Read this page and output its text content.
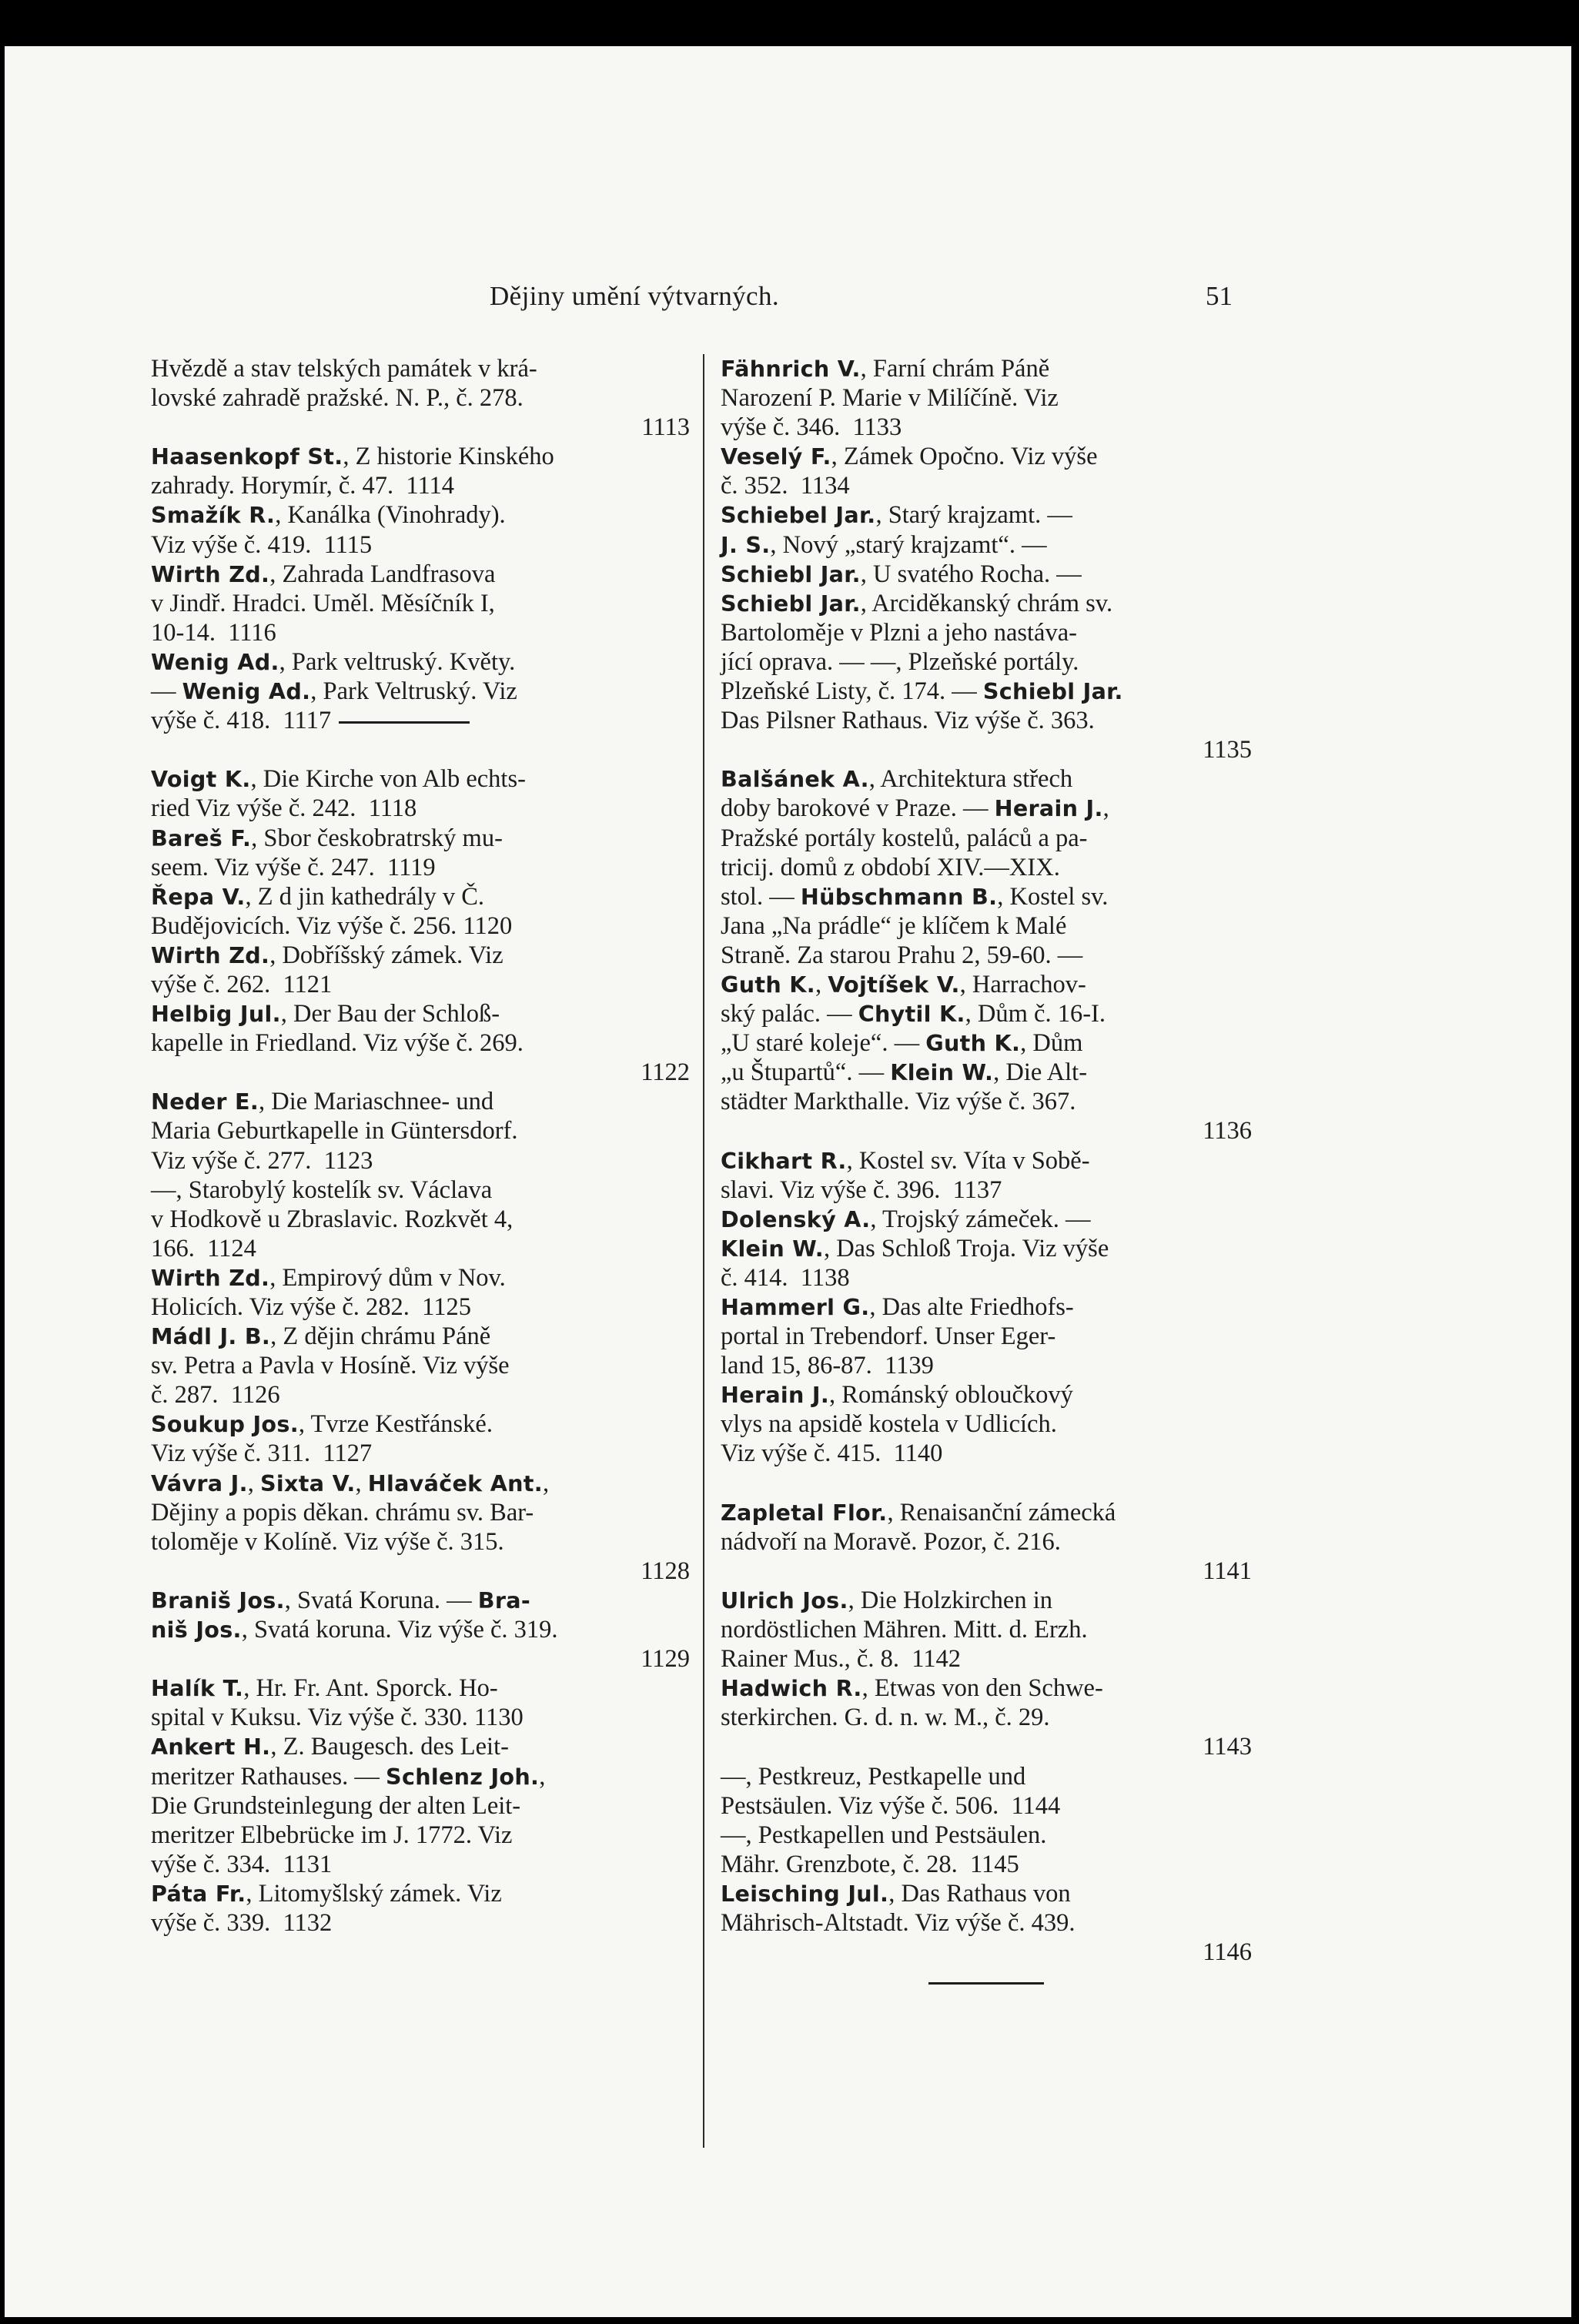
Dějiny umění výtvarných.	51
Hvězdě a stav telských památek v krá-
lovské zahradě pražské. N. P., č. 278.
1113
Haasenkopf St., Z historie Kinského
zahrady. Horymír, č. 47.  1114
Smažík R., Kanálka (Vinohrady).
Viz výše č. 419.  1115
Wirth Zd., Zahrada Landfrasova
v Jindř. Hradci. Uměl. Měsíčník I,
10-14.  1116
Wenig Ad., Park veltruský. Květy.
— Wenig Ad., Park Veltruský. Viz
výše č. 418.  1117
Voigt K., Die Kirche von Alb echts-
ried Viz výše č. 242.  1118
Bareš F., Sbor českobratrský mu-
seem. Viz výše č. 247.  1119
Řepa V., Z d jin kathedrály v Č.
Budějovicích. Viz výše č. 256. 1120
Wirth Zd., Dobříšský zámek. Viz
výše č. 262.  1121
Helbig Jul., Der Bau der Schloß-
kapelle in Friedland. Viz výše č. 269.
1122
Neder E., Die Mariaschnee- und
Maria Geburtkapelle in Güntersdorf.
Viz výše č. 277.  1123
—, Starobylý kostelík sv. Václava
v Hodkově u Zbraslavic. Rozkvět 4,
166.  1124
Wirth Zd., Empirový dům v Nov.
Holicích. Viz výše č. 282.  1125
Mádl J. B., Z dějin chrámu Páně
sv. Petra a Pavla v Hosíně. Viz výše
č. 287.  1126
Soukup Jos., Tvrze Kestřánské.
Viz výše č. 311.  1127
Vávra J., Sixta V., Hlaváček Ant.,
Dějiny a popis děkan. chrámu sv. Bar-
toloměje v Kolíně. Viz výše č. 315.
1128
Braniš Jos., Svatá Koruna. — Bra-
niš Jos., Svatá koruna. Viz výše č. 319.
1129
Halík T., Hr. Fr. Ant. Sporck. Ho-
spital v Kuksu. Viz výše č. 330. 1130
Ankert H., Z. Baugesch. des Leit-
meritzer Rathauses. — Schlenz Joh.,
Die Grundsteinlegung der alten Leit-
meritzer Elbebrücke im J. 1772. Viz
výše č. 334.  1131
Páta Fr., Litomyšlský zámek. Viz
výše č. 339.  1132
Fähnrich V., Farní chrám Páně
Narození P. Marie v Milíčíně. Viz
výše č. 346.  1133
Veselý F., Zámek Opočno. Viz výše
č. 352.  1134
Schiebel Jar., Starý krajzamt. —
J. S., Nový „starý krajzamt“. —
Schiebl Jar., U svatého Rocha. —
Schiebl Jar., Arciděkanský chrám sv.
Bartoloměje v Plzni a jeho nastáva-
jící oprava. — —, Plzeňské portály.
Plzeňské Listy, č. 174. — Schiebl Jar.
Das Pilsner Rathaus. Viz výše č. 363.
1135
Balšánek A., Architektura střech
doby barokové v Praze. — Herain J.,
Pražské portály kostelů, paláců a pa-
tricij. domů z období XIV.—XIX.
stol. — Hübschmann B., Kostel sv.
Jana „Na prádle“ je klíčem k Malé
Straně. Za starou Prahu 2, 59-60. —
Guth K., Vojtíšek V., Harrachov-
ský palác. — Chytil K., Dům č. 16-I.
„U staré koleje“. — Guth K., Dům
„u Štupartů“. — Klein W., Die Alt-
städter Markthalle. Viz výše č. 367.
1136
Cikhart R., Kostel sv. Víta v Sobě-
slavi. Viz výše č. 396.  1137
Dolenský A., Trojský zámeček. —
Klein W., Das Schloß Troja. Viz výše
č. 414.  1138
Hammerl G., Das alte Friedhofs-
portal in Trebendorf. Unser Eger-
land 15, 86-87.  1139
Herain J., Románský obloučkový
vlys na apsidě kostela v Udlicích.
Viz výše č. 415.  1140
Zapletal Flor., Renaisanční zámecká
nádvoří na Moravě. Pozor, č. 216.
1141
Ulrich Jos., Die Holzkirchen in
nordöstlichen Mähren. Mitt. d. Erzh.
Rainer Mus., č. 8.  1142
Hadwich R., Etwas von den Schwe-
sterkirchen. G. d. n. w. M., č. 29.
1143
—, Pestkreuz, Pestkapelle und
Pestsäulen. Viz výše č. 506.  1144
—, Pestkapellen und Pestsäulen.
Mähr. Grenzbote, č. 28.  1145
Leisching Jul., Das Rathaus von
Mährisch-Altstadt. Viz výše č. 439.
1146
